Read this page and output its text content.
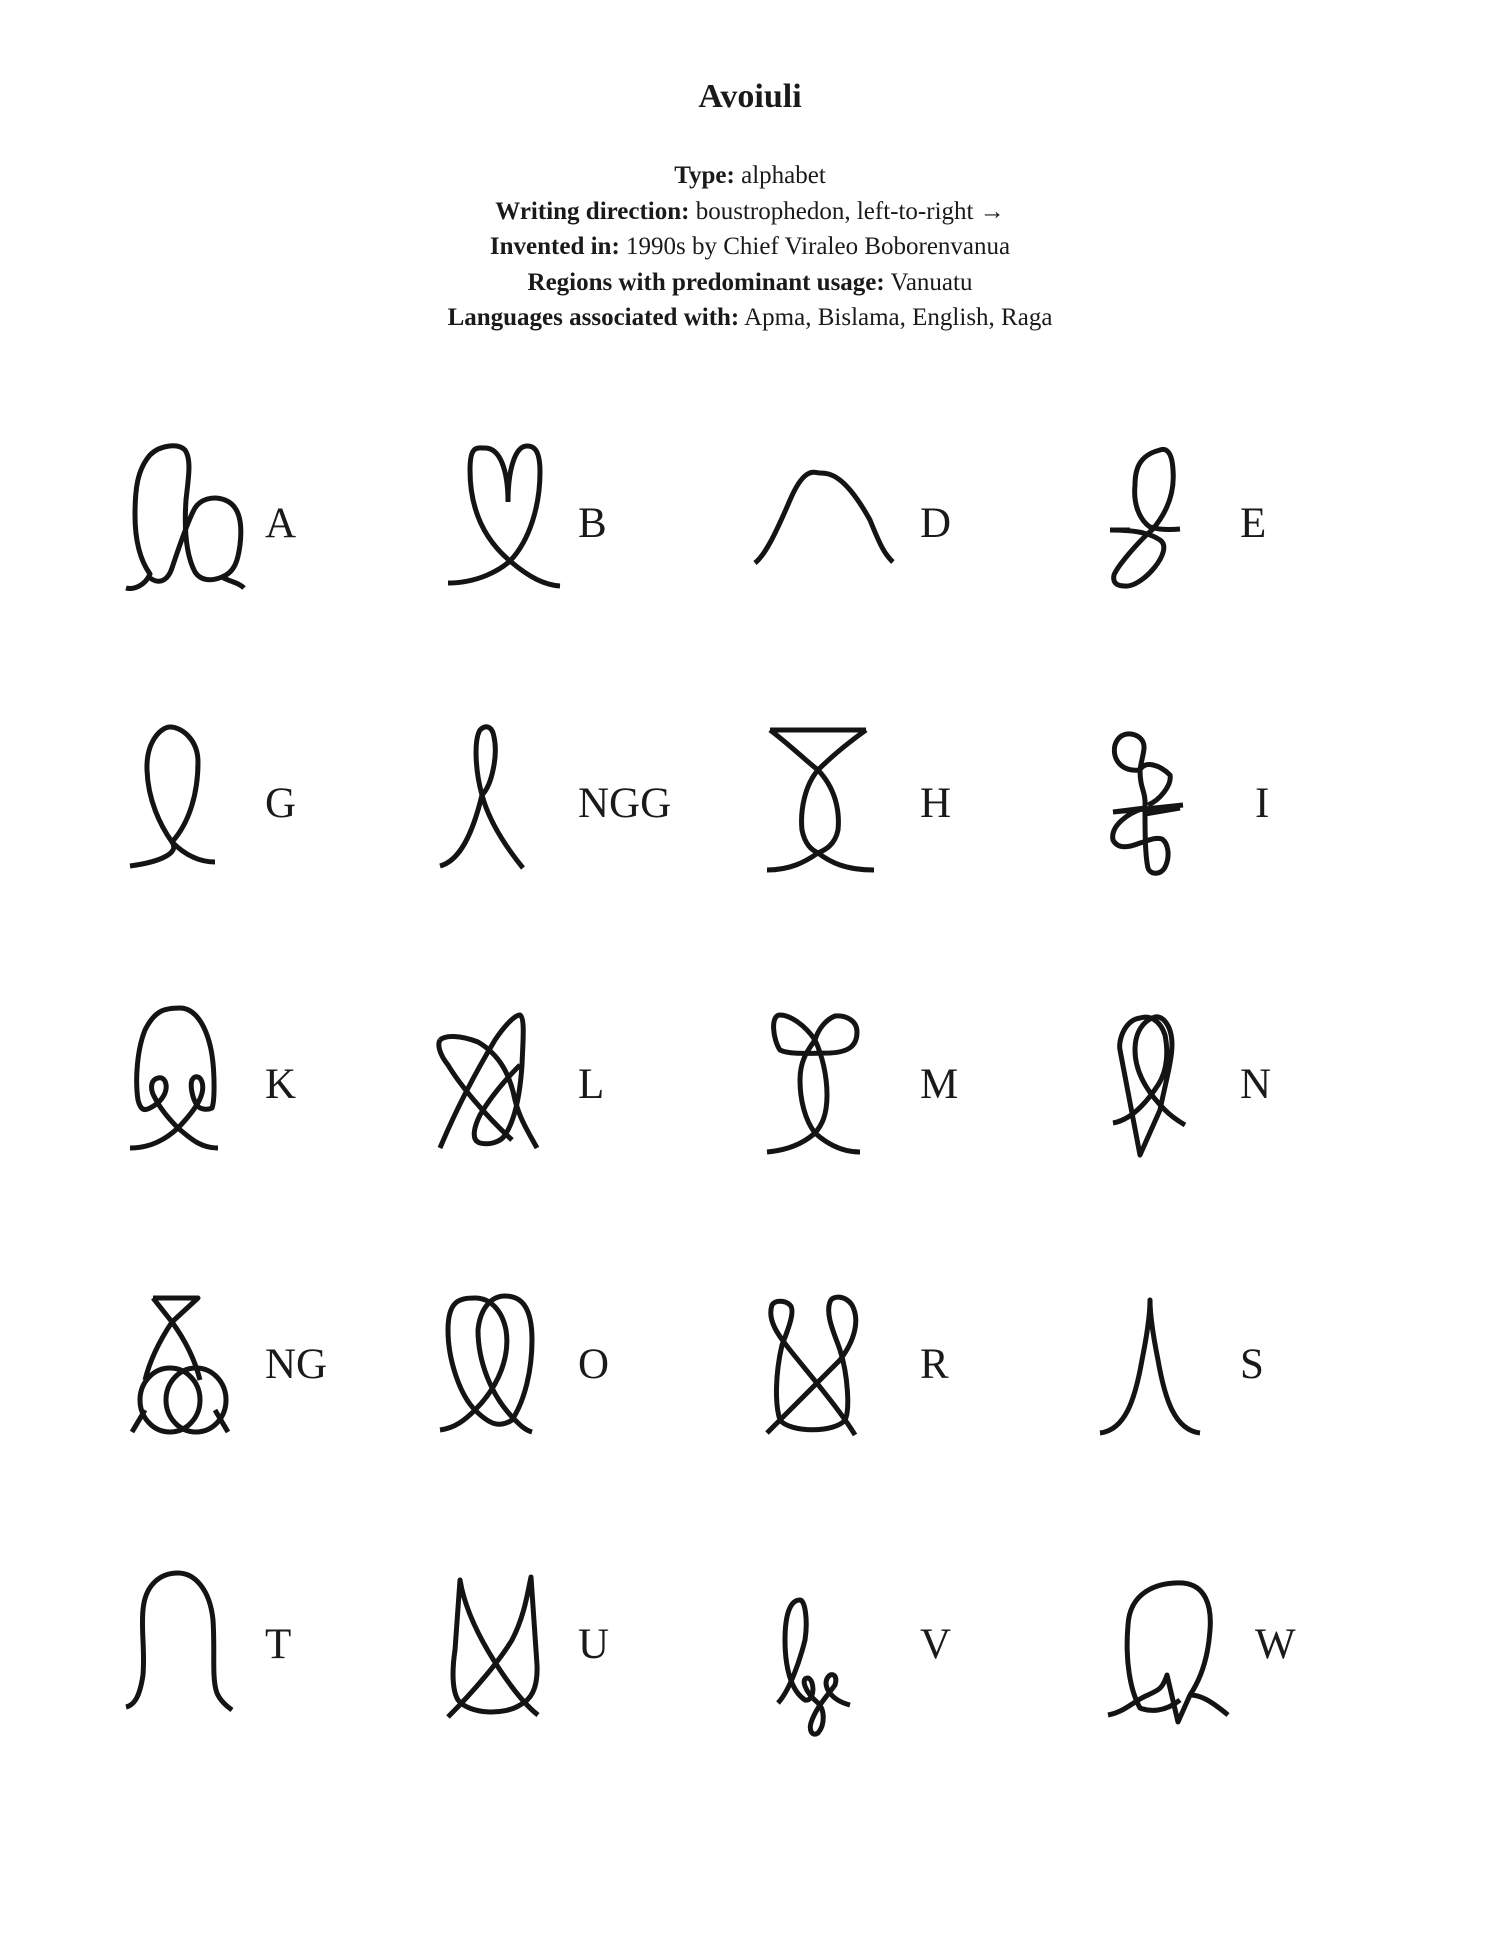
Avoiuli
Type: alphabet
Writing direction: boustrophedon, left-to-right →
Invented in: 1990s by Chief Viraleo Boborenvanua
Regions with predominant usage: Vanuatu
Languages associated with: Apma, Bislama, English, Raga
A	B	D	E
G	NGG	H	I
K	L	M	N
NG	O	R	S
T	U	V	W
